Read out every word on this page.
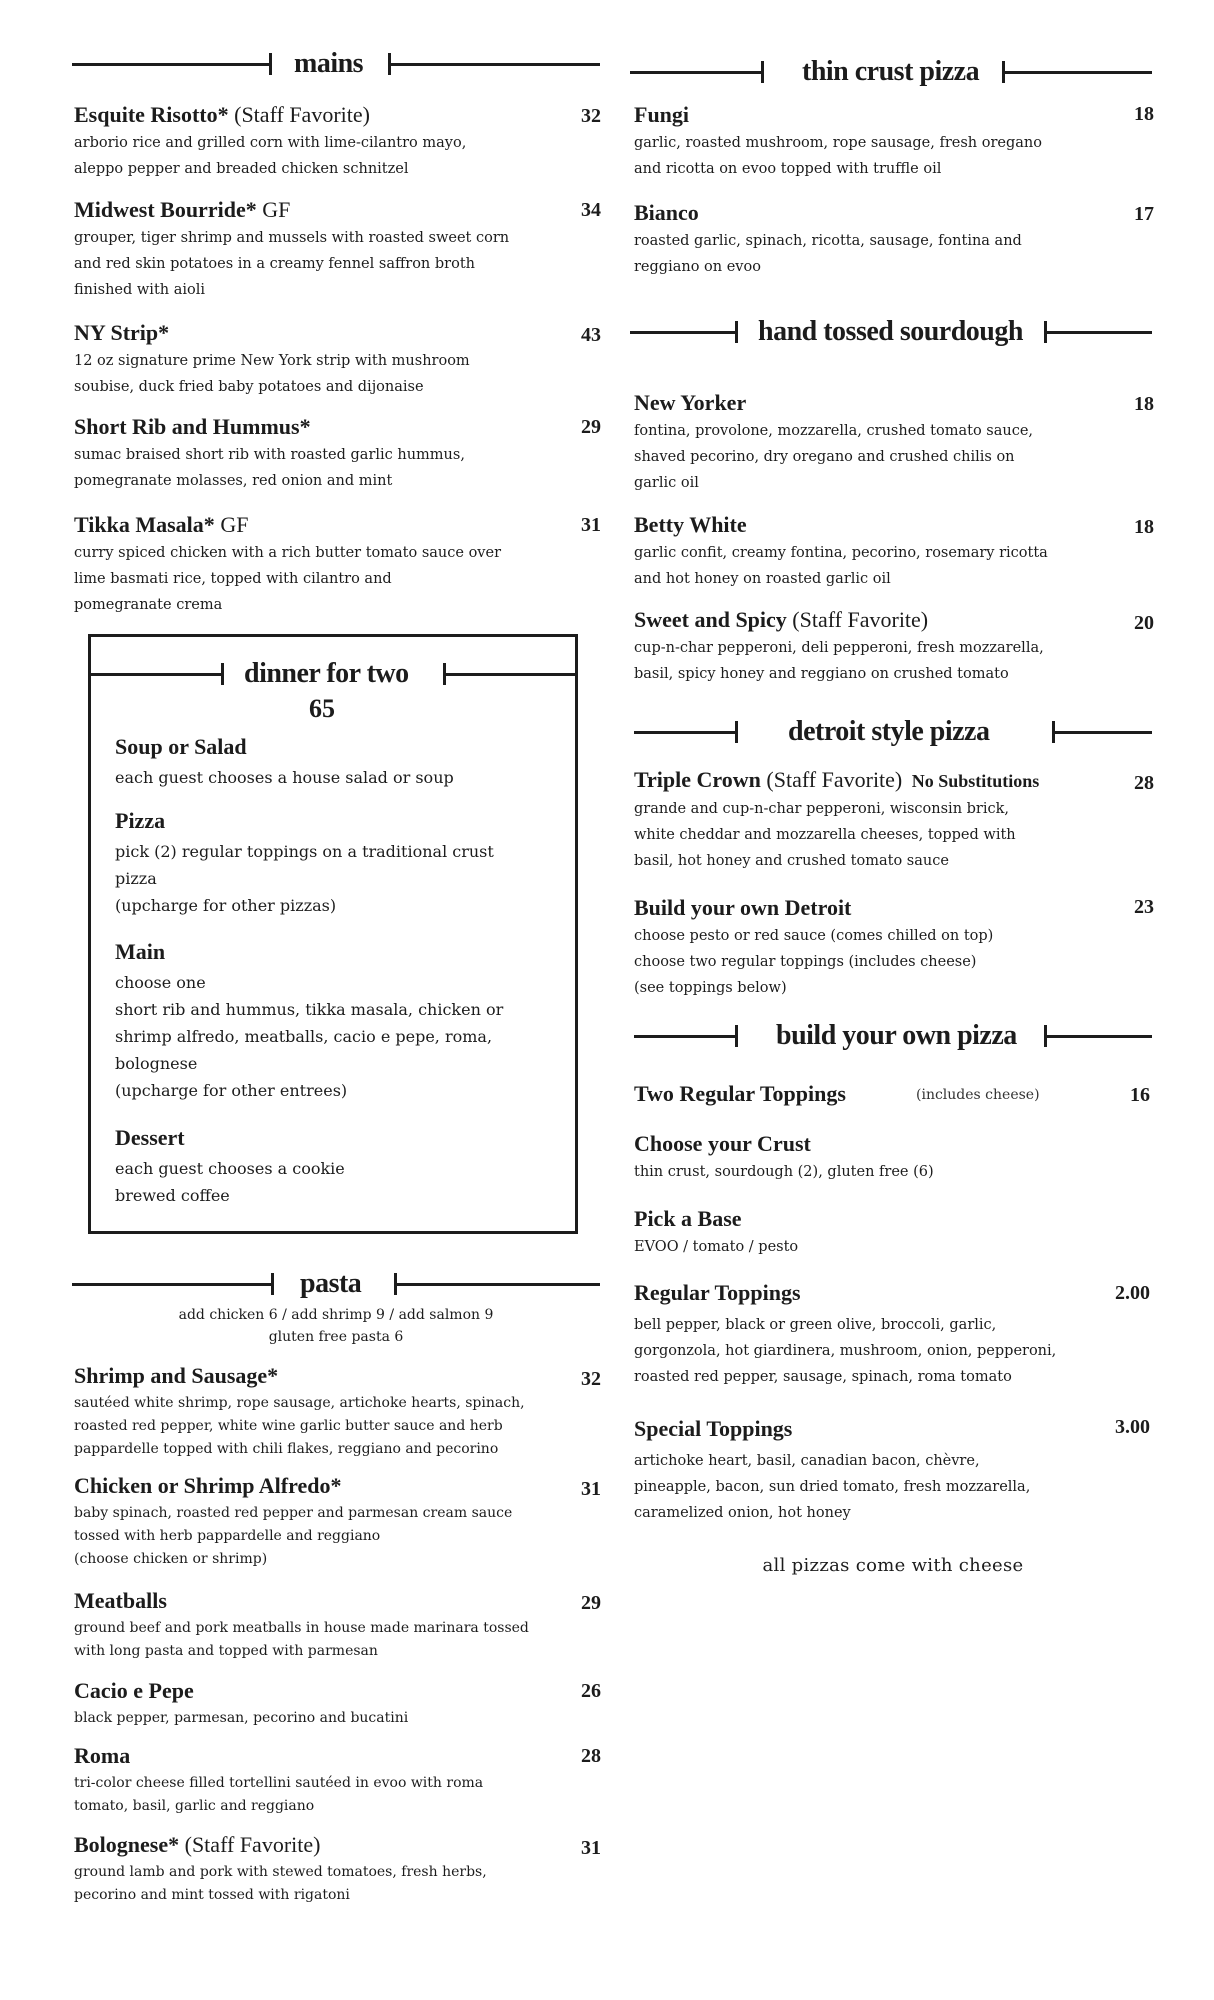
mains
Esquite Risotto* (Staff Favorite)
arborio rice and grilled corn with lime-cilantro mayo,
aleppo pepper and breaded chicken schnitzel
32
Midwest Bourride* GF
grouper, tiger shrimp and mussels with roasted sweet corn
and red skin potatoes in a creamy fennel saffron broth
finished with aioli
34
NY Strip*
12 oz signature prime New York strip with mushroom
soubise, duck fried baby potatoes and dijonaise
43
Short Rib and Hummus*
sumac braised short rib with roasted garlic hummus,
pomegranate molasses, red onion and mint
29
Tikka Masala* GF
curry spiced chicken with a rich butter tomato sauce over
lime basmati rice, topped with cilantro and
pomegranate crema
31
dinner for two
65
Soup or Salad
each guest chooses a house salad or soup
Pizza
pick (2) regular toppings on a traditional crust
pizza
(upcharge for other pizzas)
Main
choose one
short rib and hummus, tikka masala, chicken or
shrimp alfredo, meatballs, cacio e pepe, roma,
bolognese
(upcharge for other entrees)
Dessert
each guest chooses a cookie
brewed coffee
pasta
add chicken 6 / add shrimp 9 / add salmon 9
gluten free pasta 6
Shrimp and Sausage*
sautéed white shrimp, rope sausage, artichoke hearts, spinach,
roasted red pepper, white wine garlic butter sauce and herb
pappardelle topped with chili flakes, reggiano and pecorino
32
Chicken or Shrimp Alfredo*
baby spinach, roasted red pepper and parmesan cream sauce
tossed with herb pappardelle and reggiano
(choose chicken or shrimp)
31
Meatballs
ground beef and pork meatballs in house made marinara tossed
with long pasta and topped with parmesan
29
Cacio e Pepe
black pepper, parmesan, pecorino and bucatini
26
Roma
tri-color cheese filled tortellini sautéed in evoo with roma
tomato, basil, garlic and reggiano
28
Bolognese* (Staff Favorite)
ground lamb and pork with stewed tomatoes, fresh herbs,
pecorino and mint tossed with rigatoni
31
thin crust pizza
Fungi
garlic, roasted mushroom, rope sausage, fresh oregano
and ricotta on evoo topped with truffle oil
18
Bianco
roasted garlic, spinach, ricotta, sausage, fontina and
reggiano on evoo
17
hand tossed sourdough
New Yorker
fontina, provolone, mozzarella, crushed tomato sauce,
shaved pecorino, dry oregano and crushed chilis on
garlic oil
18
Betty White
garlic confit, creamy fontina, pecorino, rosemary ricotta
and hot honey on roasted garlic oil
18
Sweet and Spicy (Staff Favorite)
cup-n-char pepperoni, deli pepperoni, fresh mozzarella,
basil, spicy honey and reggiano on crushed tomato
20
detroit style pizza
Triple Crown (Staff Favorite) No Substitutions
grande and cup-n-char pepperoni, wisconsin brick,
white cheddar and mozzarella cheeses, topped with
basil, hot honey and crushed tomato sauce
28
Build your own Detroit
choose pesto or red sauce (comes chilled on top)
choose two regular toppings (includes cheese)
(see toppings below)
23
build your own pizza
Two Regular Toppings	(includes cheese)	16
Choose your Crust
thin crust, sourdough (2), gluten free (6)
Pick a Base
EVOO / tomato / pesto
Regular Toppings
bell pepper, black or green olive, broccoli, garlic,
gorgonzola, hot giardinera, mushroom, onion, pepperoni,
roasted red pepper, sausage, spinach, roma tomato
2.00
Special Toppings
artichoke heart, basil, canadian bacon, chèvre,
pineapple, bacon, sun dried tomato, fresh mozzarella,
caramelized onion, hot honey
3.00
all pizzas come with cheese
